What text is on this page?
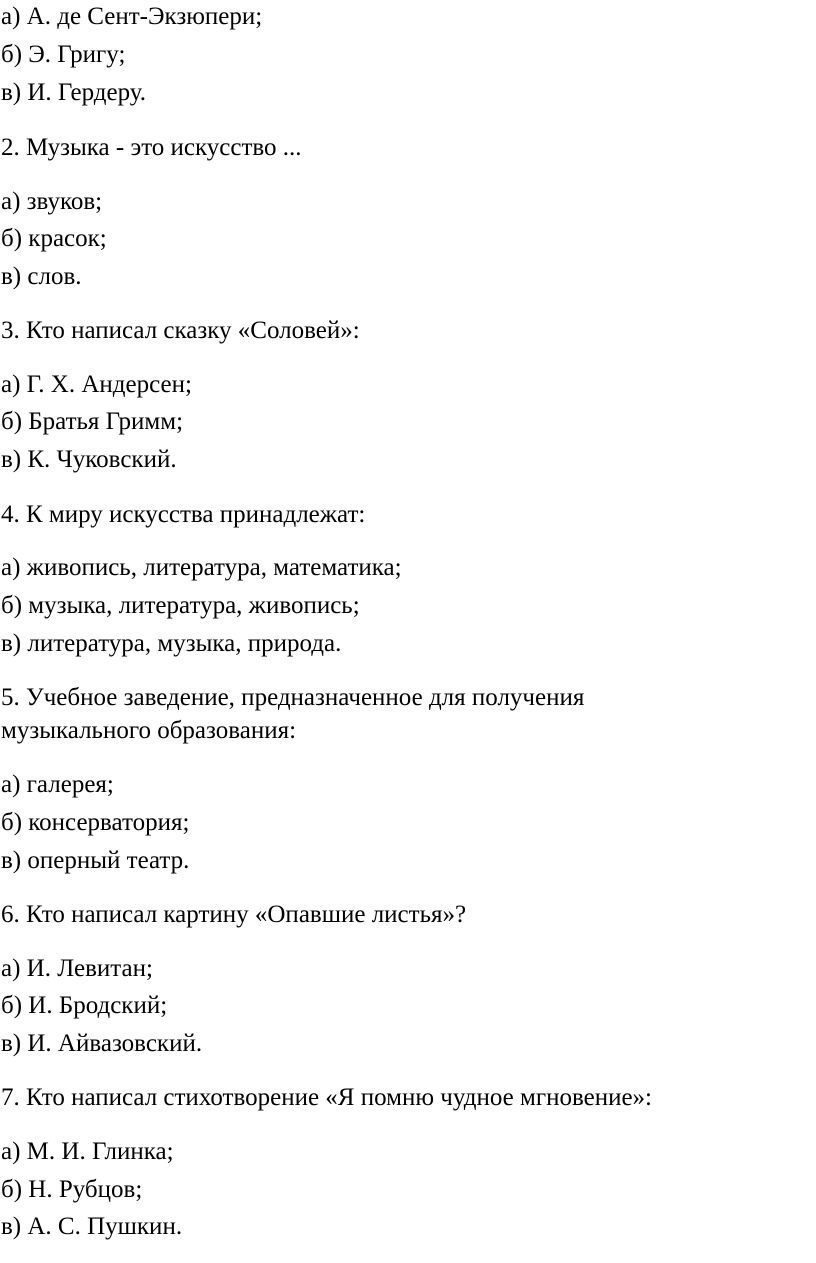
а) А. де Сент-Экзюпери;
б) Э. Григу;
в) И. Гердеру.
2. Музыка - это искусство ...
а) звуков;
б) красок;
в) слов.
3. Кто написал сказку «Соловей»:
а) Г. Х. Андерсен;
б) Братья Гримм;
в) К. Чуковский.
4. К миру искусства принадлежат:
а) живопись, литература, математика;
б) музыка, литература, живопись;
в) литература, музыка, природа.
5. Учебное заведение, предназначенное для получения
музыкального образования:
а) галерея;
б) консерватория;
в) оперный театр.
6. Кто написал картину «Опавшие листья»?
а) И. Левитан;
б) И. Бродский;
в) И. Айвазовский.
7. Кто написал стихотворение «Я помню чудное мгновение»:
а) М. И. Глинка;
б) Н. Рубцов;
в) А. С. Пушкин.
